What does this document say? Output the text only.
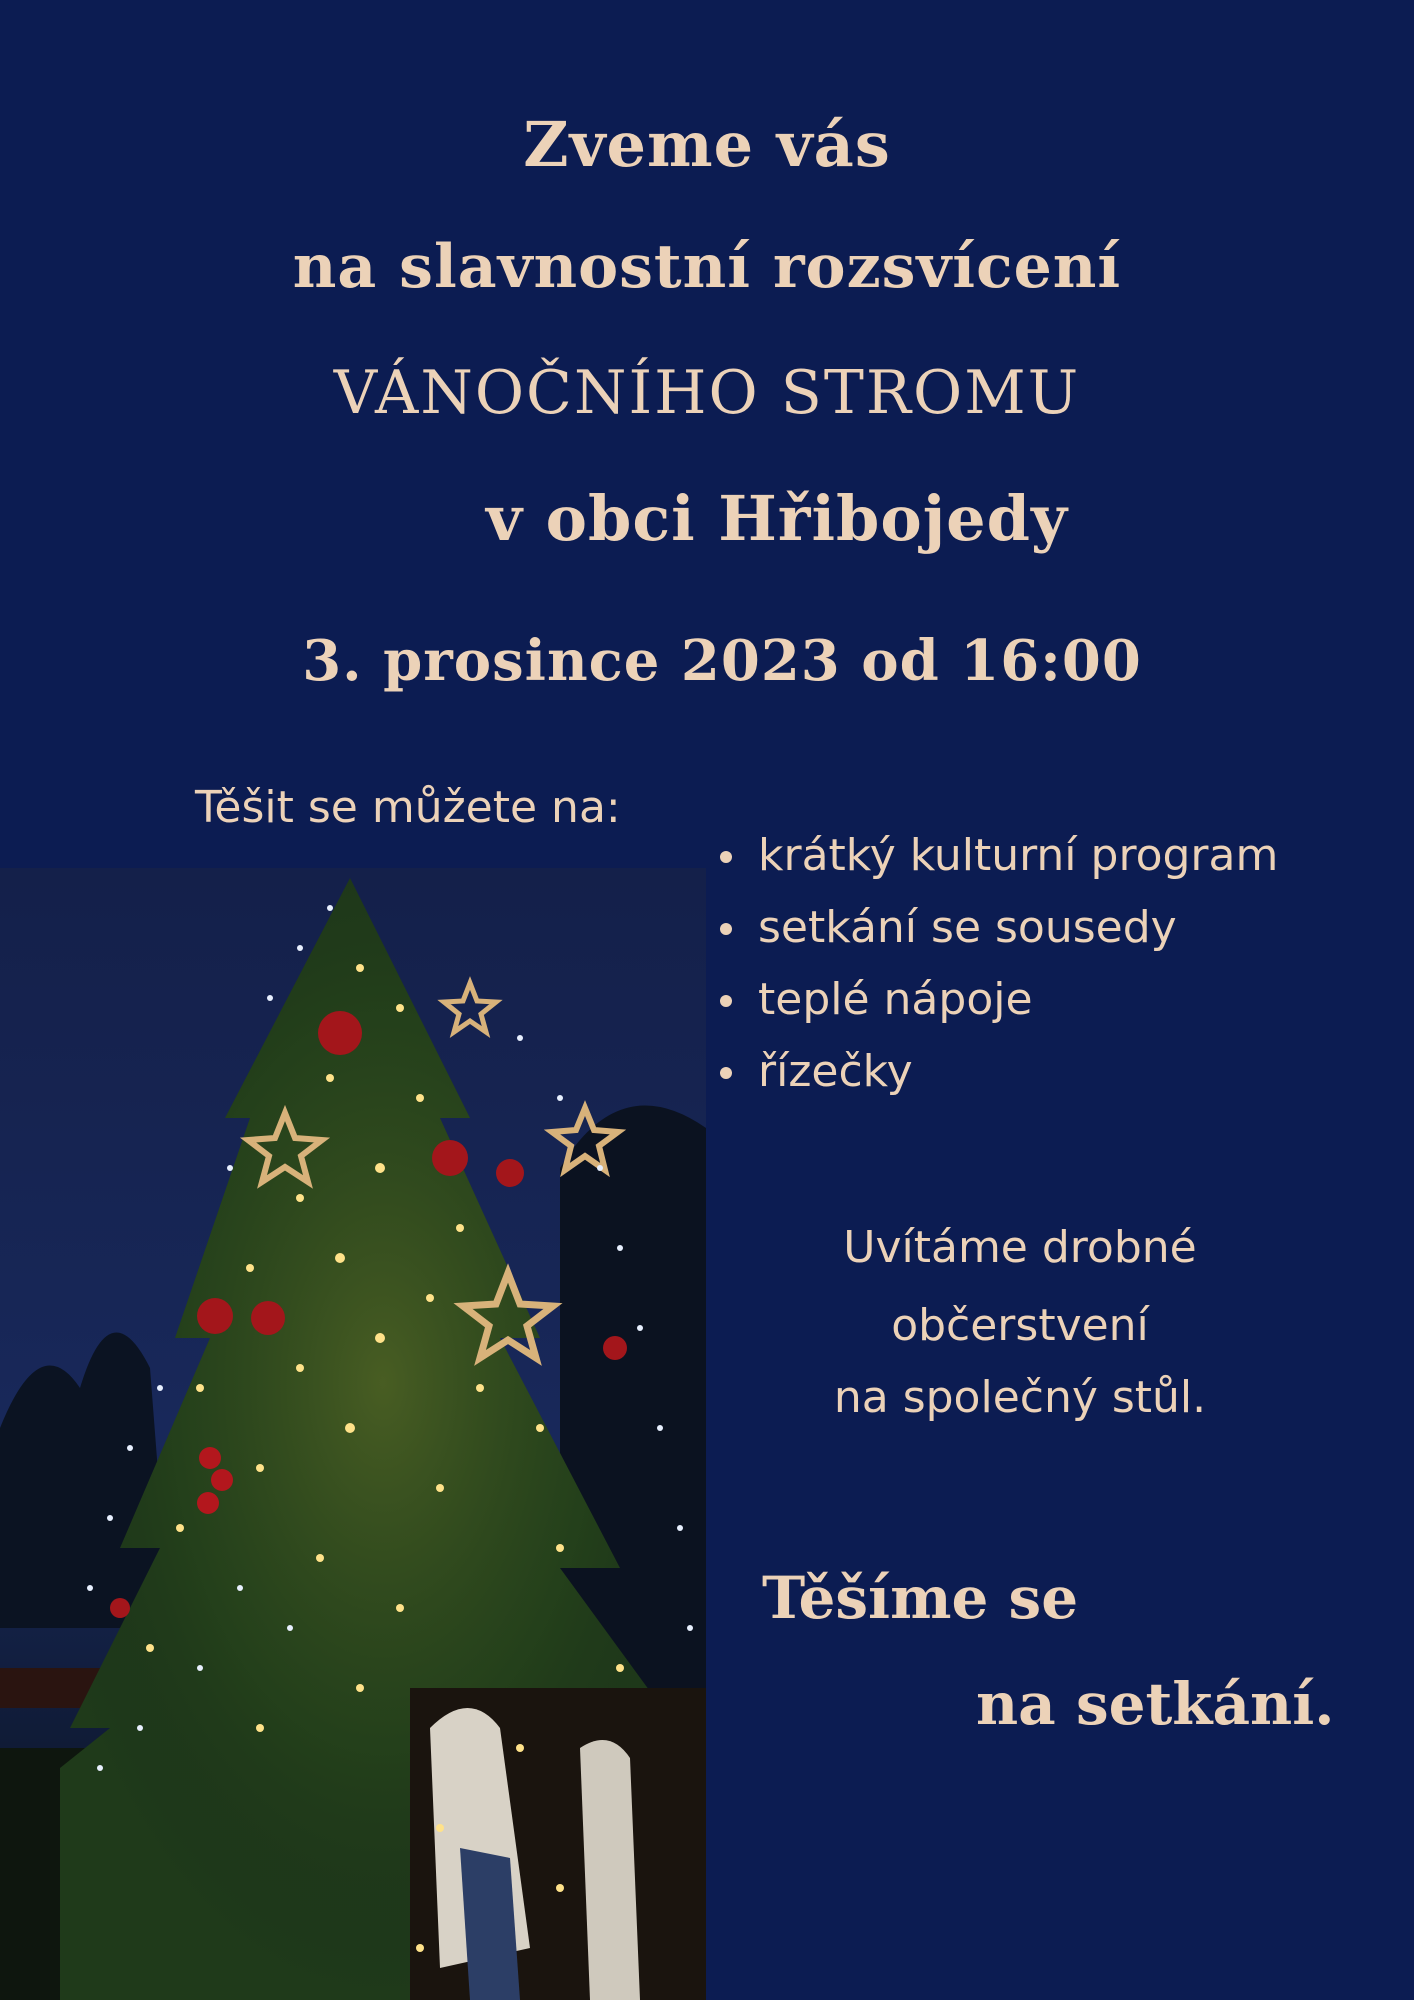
Zveme vás
na slavnostní rozsvícení
VÁNOČNÍHO STROMU
v obci Hřibojedy
3. prosince 2023 od 16:00
Těšit se můžete na:
krátký kulturní program
setkání se sousedy
teplé nápoje
řízečky
Uvítáme drobné
občerstvení
na společný stůl.
Těšíme se
na setkání.
